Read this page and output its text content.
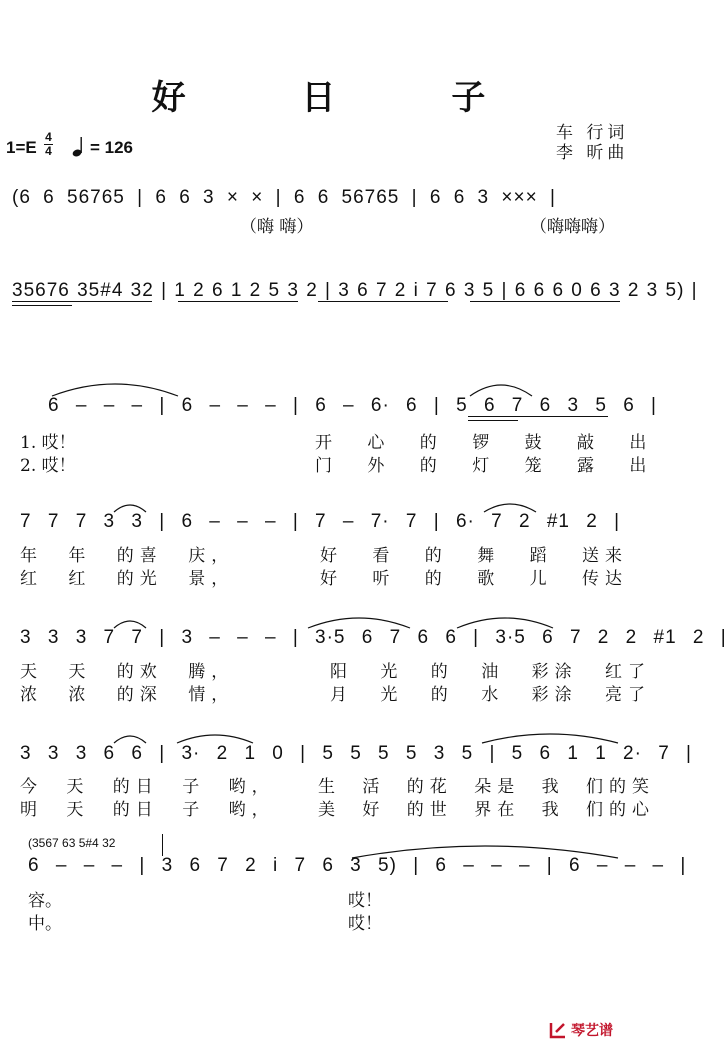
好 日 子
车 行词
李 昕曲
1=E
4
4 = 126
(6 6 56765 | 6 6 3 × × | 6 6 56765 | 6 6 3 ××× |
（嗨 嗨）	（嗨嗨嗨）
35676 35#4 32 | 1 2 6 1 2 5 3 2 | 3 6 7 2 i 7 6 3 5 | 6 6 6 0 6 3 2 3 5) |
6 – – – | 6 – – – | 6 – 6· 6 | 5 6 7 6 3 5 6 |
1. 哎！	开 心 的 锣 鼓 敲 出
2. 哎！	门 外 的 灯 笼 露 出
7 7 7 3 3 | 6 – – – | 7 – 7· 7 | 6· 7 2 #1 2 |
年 年 的喜 庆，	好 看 的 舞 蹈 送来
红 红 的光 景，	好 听 的 歌 儿 传达
3 3 3 7 7 | 3 – – – | 3·5 6 7 6 6 | 3·5 6 7 2 2 #1 2 |
天 天 的欢 腾，	阳 光 的 油 彩涂 红了
浓 浓 的深 情，	月 光 的 水 彩涂 亮了
3 3 3 6 6 | 3· 2 1 0 | 5 5 5 5 3 5 | 5 6 1 1 2· 7 |
今 天 的日 子 哟，	生 活 的花 朵是 我 们的笑
明 天 的日 子 哟，	美 好 的世 界在 我 们的心
(3567 63 5#4 32
6 – – – | 3 6 7 2 i 7 6 3 5) | 6 – – – | 6 – – – |
容。	哎！
中。	哎！
琴艺谱
